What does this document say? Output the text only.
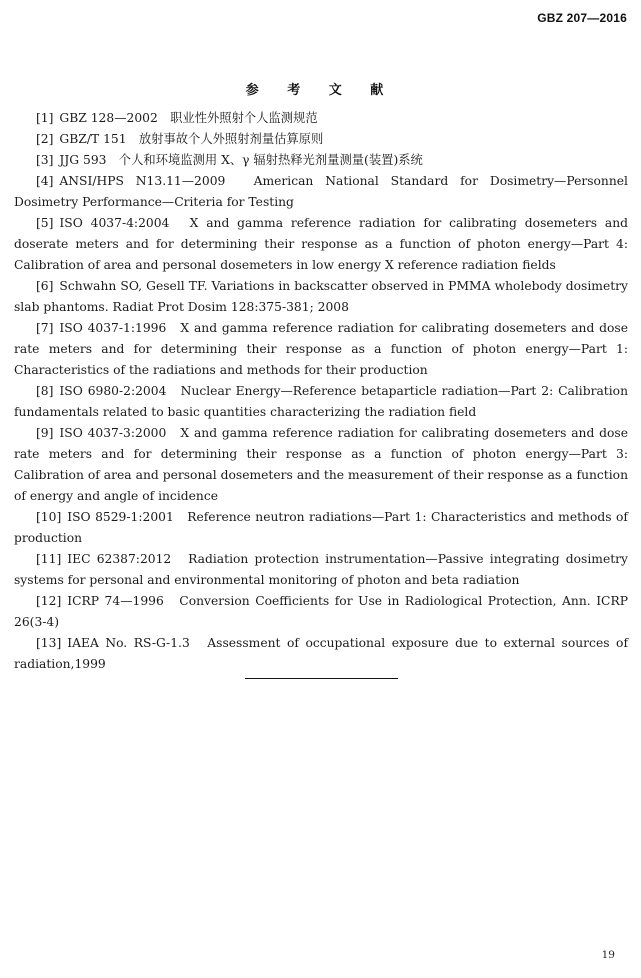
GBZ 207—2016
参 考 文 献

[1] GBZ 128—2002　职业性外照射个人监测规范

[2] GBZ/T 151　放射事故个人外照射剂量估算原则

[3] JJG 593　个人和环境监测用 X、γ 辐射热释光剂量测量(装置)系统

[4] ANSI/HPS N13.11—2009　American National Standard for Dosimetry—Personnel Dosimetry Performance—Criteria for Testing

[5] ISO 4037-4:2004　X and gamma reference radiation for calibrating dosemeters and doserate meters and for determining their response as a function of photon energy—Part 4: Calibration of area and personal dosemeters in low energy X reference radiation fields

[6] Schwahn SO, Gesell TF. Variations in backscatter observed in PMMA wholebody dosimetry slab phantoms. Radiat Prot Dosim 128:375-381; 2008

[7] ISO 4037-1:1996　X and gamma reference radiation for calibrating dosemeters and dose rate meters and for determining their response as a function of photon energy—Part 1: Characteristics of the radiations and methods for their production

[8] ISO 6980-2:2004　Nuclear Energy—Reference betaparticle radiation—Part 2: Calibration fundamentals related to basic quantities characterizing the radiation field

[9] ISO 4037-3:2000　X and gamma reference radiation for calibrating dosemeters and dose rate meters and for determining their response as a function of photon energy—Part 3: Calibration of area and personal dosemeters and the measurement of their response as a function of energy and angle of incidence

[10] ISO 8529-1:2001　Reference neutron radiations—Part 1: Characteristics and methods of production

[11] IEC 62387:2012　Radiation protection instrumentation—Passive integrating dosimetry systems for personal and environmental monitoring of photon and beta radiation

[12] ICRP 74—1996　Conversion Coefficients for Use in Radiological Protection, Ann. ICRP 26(3-4)

[13] IAEA No. RS-G-1.3　Assessment of occupational exposure due to external sources of radiation,1999

19
